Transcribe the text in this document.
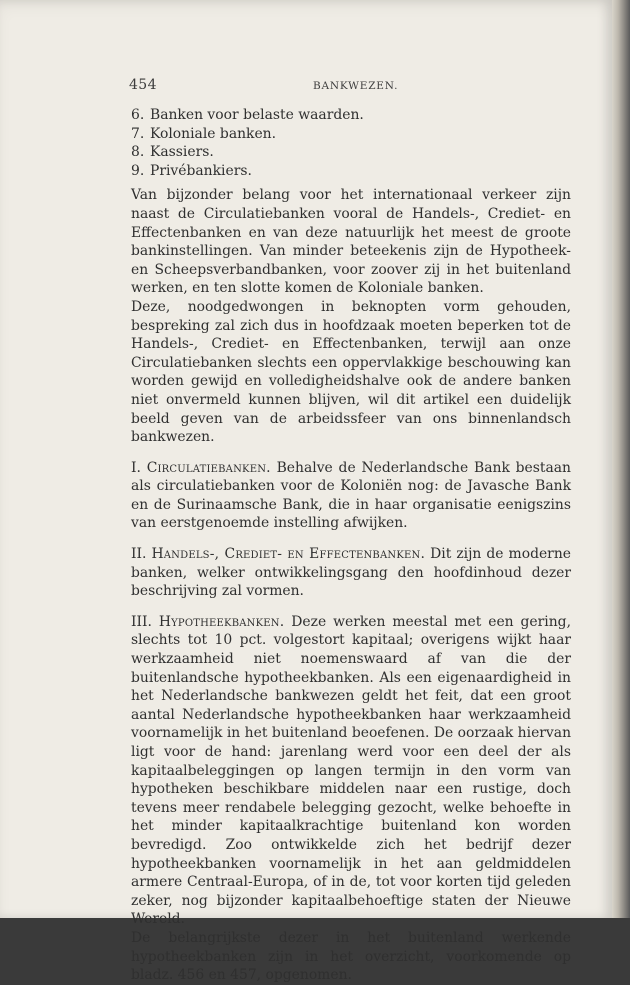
454	BANKWEZEN.
6. Banken voor belaste waarden.
7. Koloniale banken.
8. Kassiers.
9. Privébankiers.

Van bijzonder belang voor het internationaal verkeer zijn naast de Circulatiebanken vooral de Handels-, Crediet- en Effectenbanken en van deze natuurlijk het meest de groote bankinstellingen. Van minder beteekenis zijn de Hypotheek- en Scheepsverbandbanken, voor zoover zij in het buitenland werken, en ten slotte komen de Koloniale banken.

Deze, noodgedwongen in beknopten vorm gehouden, bespreking zal zich dus in hoofdzaak moeten beperken tot de Handels-, Crediet- en Effectenbanken, terwijl aan onze Circulatiebanken slechts een oppervlakkige beschouwing kan worden gewijd en volledigheidshalve ook de andere banken niet onvermeld kunnen blijven, wil dit artikel een duidelijk beeld geven van de arbeidssfeer van ons binnenlandsch bankwezen.

I. Circulatiebanken. Behalve de Nederlandsche Bank bestaan als circulatiebanken voor de Koloniën nog: de Javasche Bank en de Surinaamsche Bank, die in haar organisatie eenigszins van eerstgenoemde instelling afwijken.

II. Handels-, Crediet- en Effectenbanken. Dit zijn de moderne banken, welker ontwikkelingsgang den hoofdinhoud dezer beschrijving zal vormen.

III. Hypotheekbanken. Deze werken meestal met een gering, slechts tot 10 pct. volgestort kapitaal; overigens wijkt haar werkzaamheid niet noemenswaard af van die der buitenlandsche hypotheekbanken. Als een eigenaardigheid in het Nederlandsche bankwezen geldt het feit, dat een groot aantal Nederlandsche hypotheekbanken haar werkzaamheid voornamelijk in het buitenland beoefenen. De oorzaak hiervan ligt voor de hand: jarenlang werd voor een deel der als kapitaalbeleggingen op langen termijn in den vorm van hypotheken beschikbare middelen naar een rustige, doch tevens meer rendabele belegging gezocht, welke behoefte in het minder kapitaalkrachtige buitenland kon worden bevredigd. Zoo ontwikkelde zich het bedrijf dezer hypotheekbanken voornamelijk in het aan geldmiddelen armere Centraal-Europa, of in de, tot voor korten tijd geleden zeker, nog bijzonder kapitaalbehoeftige staten der Nieuwe Wereld.

De belangrijkste dezer in het buitenland werkende hypotheekbanken zijn in het overzicht, voorkomende op bladz. 456 en 457, opgenomen.
